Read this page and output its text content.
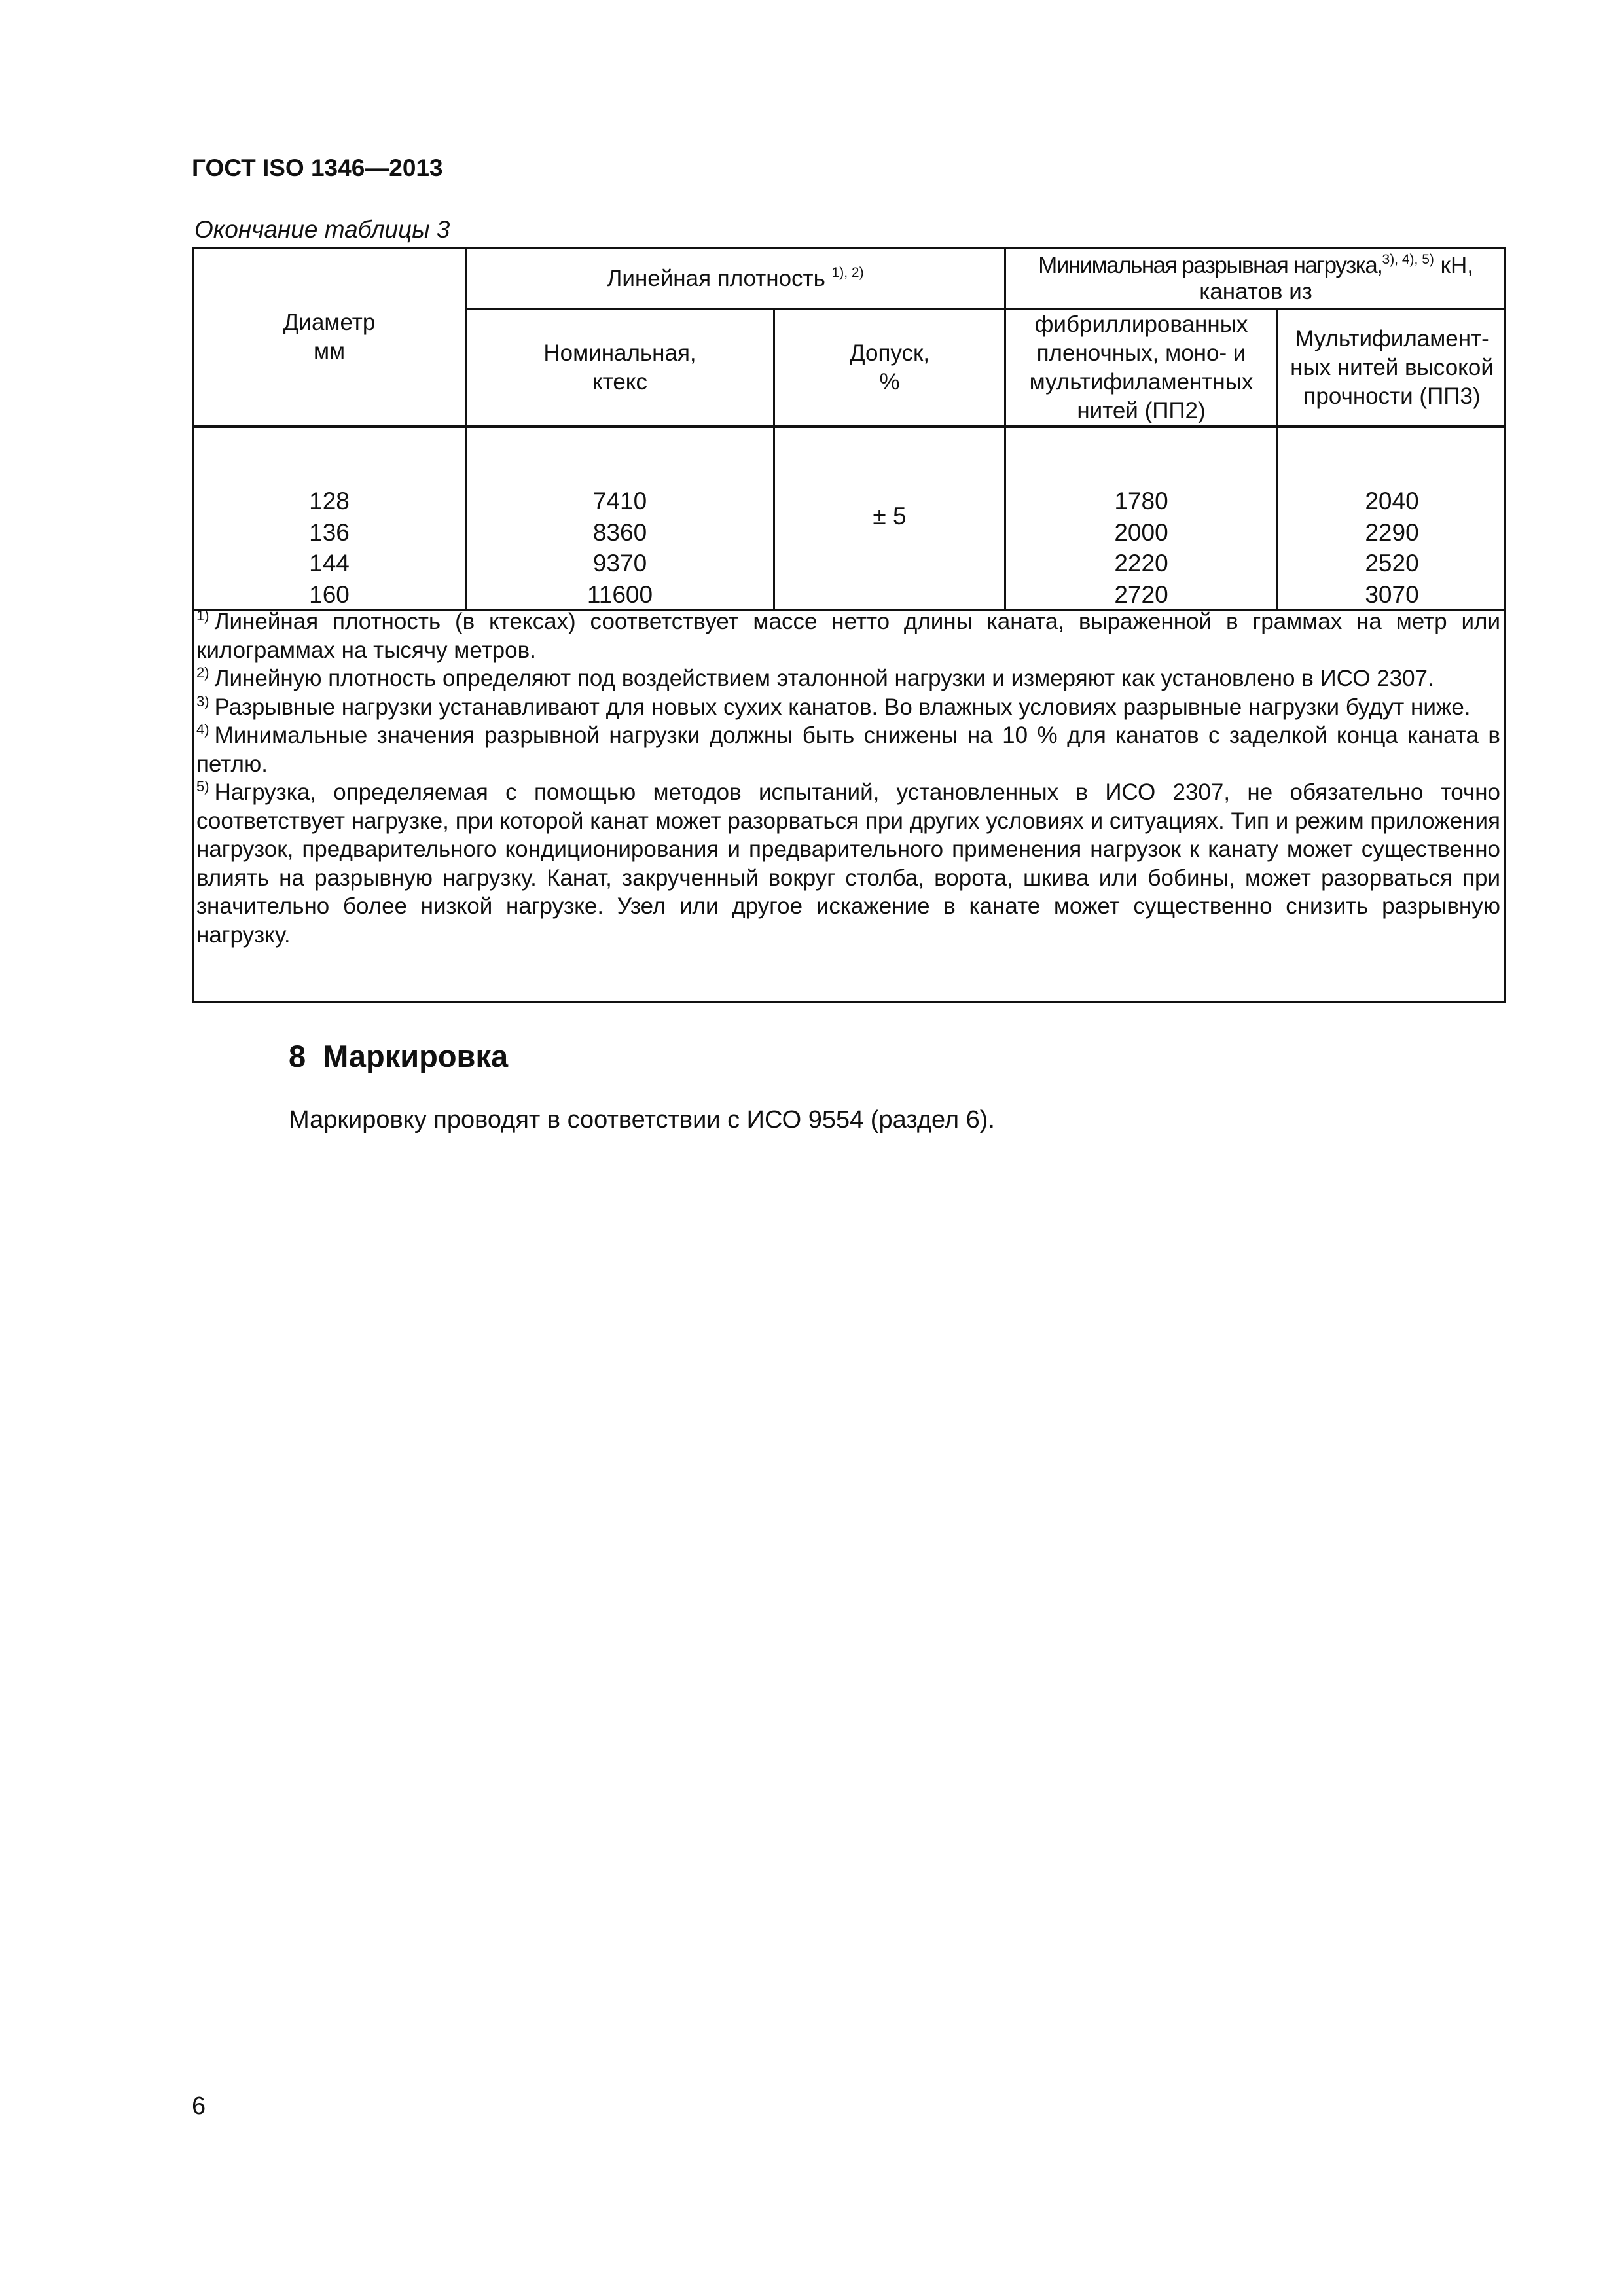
ГОСТ ISO 1346—2013
Окончание таблицы 3
Диаметр
мм
Линейная плотность $^{1), 2)}$
Номинальная,
ктекс
Допуск,
%
Минимальная разрывная нагрузка,$^{3), 4), 5)}$ кН,
канатов из
фибриллированных
пленочных, моно- и
мультифиламентных
нитей (ПП2)
Мультифиламент-
ных нитей высокой
прочности (ПП3)
128
136
144
160
7410
8360
9370
11600
± 5
1780
2000
2220
2720
2040
2290
2520
3070

$^{1)}$ Линейная плотность (в ктексах) соответствует массе нетто длины каната, выраженной в граммах на метр или килограммах на тысячу метров.

$^{2)}$ Линейную плотность определяют под воздействием эталонной нагрузки и измеряют как установлено в ИСО 2307.

$^{3)}$ Разрывные нагрузки устанавливают для новых сухих канатов. Во влажных условиях разрывные нагрузки будут ниже.

$^{4)}$ Минимальные значения разрывной нагрузки должны быть снижены на 10 % для канатов с заделкой конца каната в петлю.

$^{5)}$ Нагрузка, определяемая с помощью методов испытаний, установленных в ИСО 2307, не обязательно точно соответствует нагрузке, при которой канат может разорваться при других условиях и ситуациях. Тип и режим приложения нагрузок, предварительного кондиционирования и предварительного применения нагрузок к канату может существенно влиять на разрывную нагрузку. Канат, закрученный вокруг столба, ворота, шкива или бобины, может разорваться при значительно более низкой нагрузке. Узел или другое искажение в канате может существенно снизить разрывную нагрузку.

8 Маркировка
Маркировку проводят в соответствии с ИСО 9554 (раздел 6).
6
